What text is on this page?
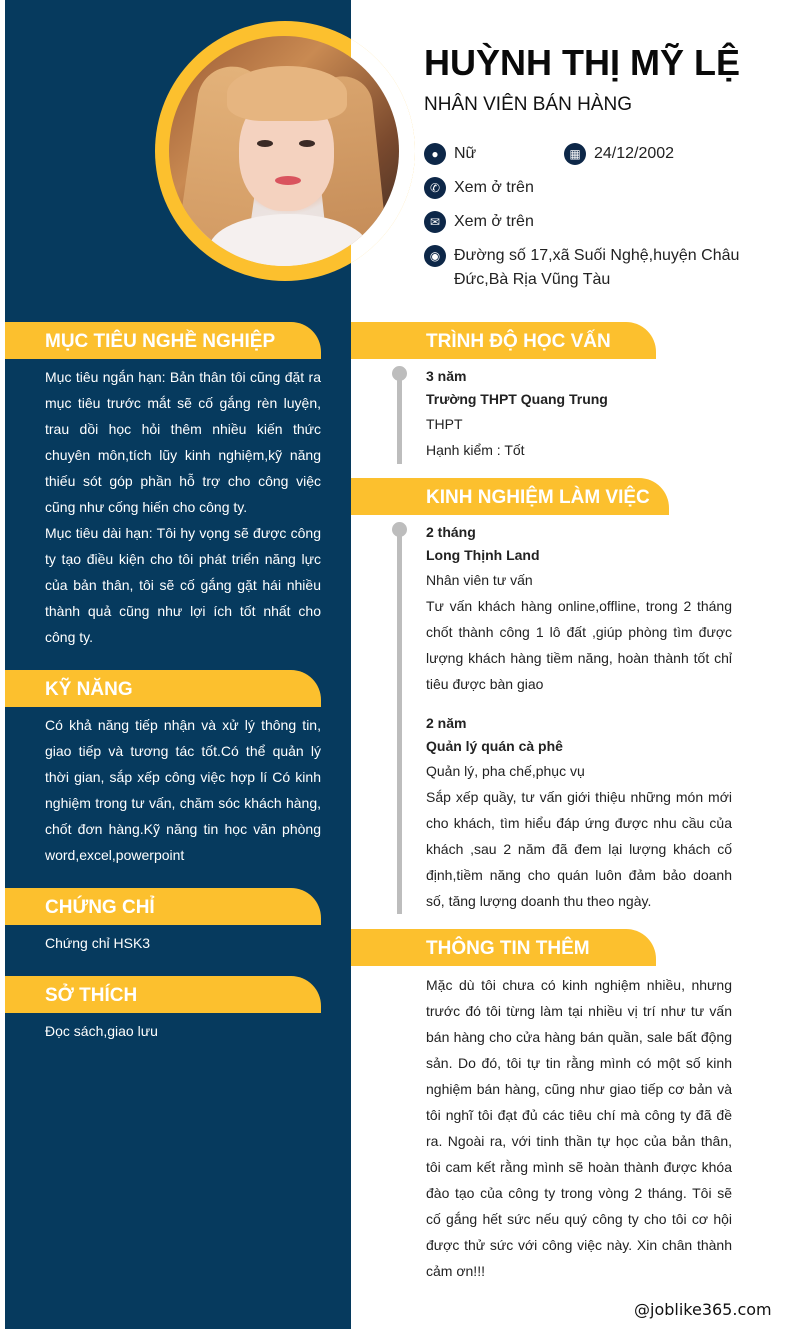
HUỲNH THỊ MỸ LỆ
NHÂN VIÊN BÁN HÀNG
● Nữ	▦ 24/12/2002
✆ Xem ở trên
✉ Xem ở trên
◉ Đường số 17,xã Suối Nghệ,huyện Châu
Đức,Bà Rịa Vũng Tàu
MỤC TIÊU NGHỀ NGHIỆP
Mục tiêu ngắn hạn: Bản thân tôi cũng đặt ra mục tiêu trước mắt sẽ cố gắng rèn luyện, trau dồi học hỏi thêm nhiều kiến thức chuyên môn,tích lũy kinh nghiệm,kỹ năng thiếu sót góp phần hỗ trợ cho công việc cũng như cống hiến cho công ty.
Mục tiêu dài hạn: Tôi hy vọng sẽ được công ty tạo điều kiện cho tôi phát triển năng lực của bản thân, tôi sẽ cố gắng gặt hái nhiều thành quả cũng như lợi ích tốt nhất cho công ty.
KỸ NĂNG
Có khả năng tiếp nhận và xử lý thông tin, giao tiếp và tương tác tốt.Có thể quản lý thời gian, sắp xếp công việc hợp lí Có kinh nghiệm trong tư vấn, chăm sóc khách hàng, chốt đơn hàng.Kỹ năng tin học văn phòng word,excel,powerpoint
CHỨNG CHỈ
Chứng chỉ HSK3
SỞ THÍCH
Đọc sách,giao lưu
TRÌNH ĐỘ HỌC VẤN
3 năm
Trường THPT Quang Trung
THPT
Hạnh kiểm : Tốt
KINH NGHIỆM LÀM VIỆC
2 tháng
Long Thịnh Land
Nhân viên tư vấn
Tư vấn khách hàng online,offline, trong 2 tháng chốt thành công 1 lô đất ,giúp phòng tìm được lượng khách hàng tiềm năng, hoàn thành tốt chỉ tiêu được bàn giao
2 năm
Quản lý quán cà phê
Quản lý, pha chế,phục vụ
Sắp xếp quầy, tư vấn giới thiệu những món mới cho khách, tìm hiểu đáp ứng được nhu cầu của khách ,sau 2 năm đã đem lại lượng khách cố định,tiềm năng cho quán luôn đảm bảo doanh số, tăng lượng doanh thu theo ngày.
THÔNG TIN THÊM
Mặc dù tôi chưa có kinh nghiệm nhiều, nhưng trước đó tôi từng làm tại nhiều vị trí như tư vấn bán hàng cho cửa hàng bán quần, sale bất động sản. Do đó, tôi tự tin rằng mình có một số kinh nghiệm bán hàng, cũng như giao tiếp cơ bản và tôi nghĩ tôi đạt đủ các tiêu chí mà công ty đã đề ra. Ngoài ra, với tinh thần tự học của bản thân, tôi cam kết rằng mình sẽ hoàn thành được khóa đào tạo của công ty trong vòng 2 tháng. Tôi sẽ cố gắng hết sức nếu quý công ty cho tôi cơ hội được thử sức với công việc này. Xin chân thành cảm ơn!!!
@joblike365.com
